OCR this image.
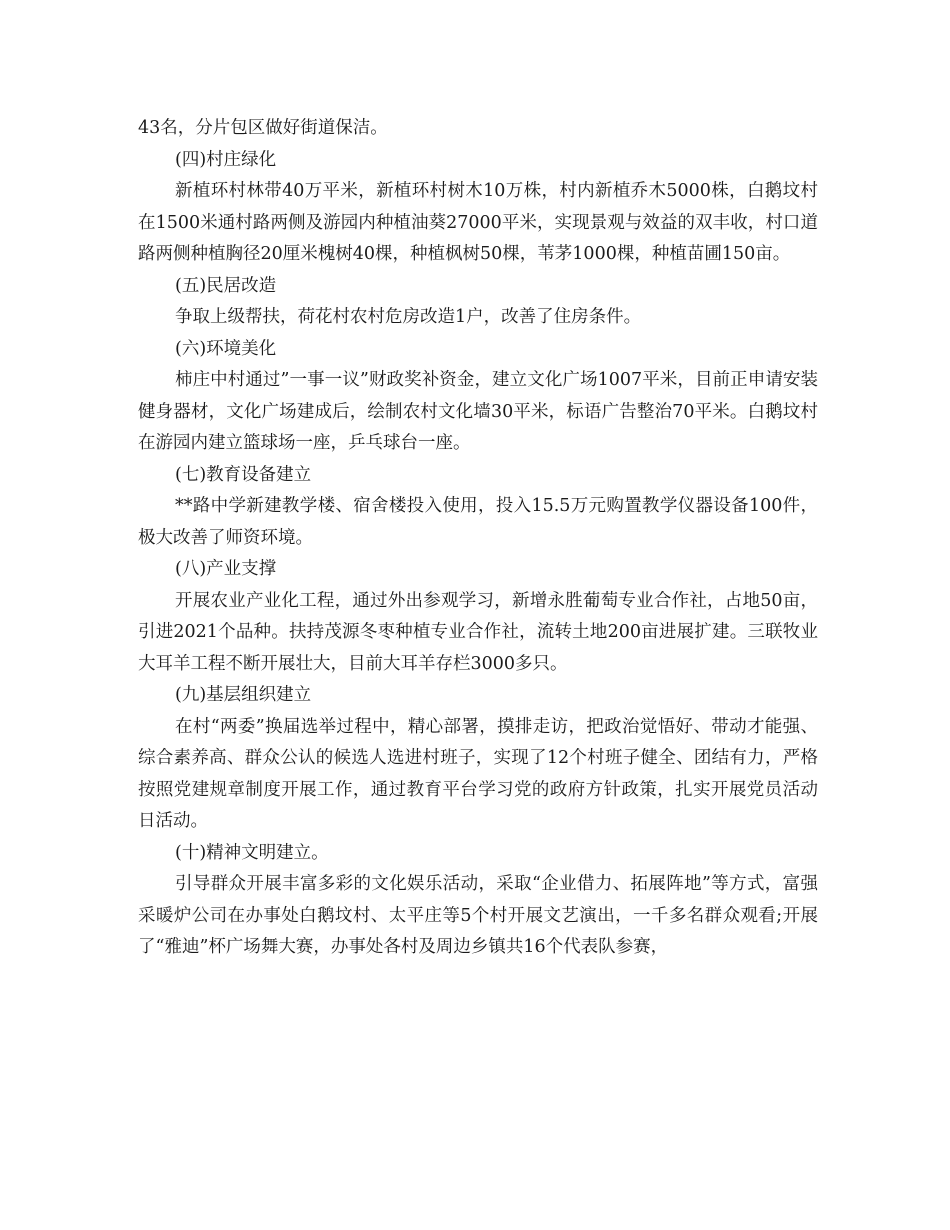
43名，分片包区做好街道保洁。

(四)村庄绿化

新植环村林带40万平米，新植环村树木10万株，村内新植乔木5000株，白鹅坟村在1500米通村路两侧及游园内种植油葵27000平米，实现景观与效益的双丰收，村口道路两侧种植胸径20厘米槐树40棵，种植枫树50棵，苇茅1000棵，种植苗圃150亩。

(五)民居改造

争取上级帮扶，荷花村农村危房改造1户，改善了住房条件。

(六)环境美化

柿庄中村通过”一事一议”财政奖补资金，建立文化广场1007平米，目前正申请安装健身器材，文化广场建成后，绘制农村文化墙30平米，标语广告整治70平米。白鹅坟村在游园内建立篮球场一座，乒乓球台一座。

(七)教育设备建立

**路中学新建教学楼、宿舍楼投入使用，投入15.5万元购置教学仪器设备100件，极大改善了师资环境。

(八)产业支撑

开展农业产业化工程，通过外出参观学习，新增永胜葡萄专业合作社，占地50亩，引进2021个品种。扶持茂源冬枣种植专业合作社，流转土地200亩进展扩建。三联牧业大耳羊工程不断开展壮大，目前大耳羊存栏3000多只。

(九)基层组织建立

在村“两委”换届选举过程中，精心部署，摸排走访，把政治觉悟好、带动才能强、综合素养高、群众公认的候选人选进村班子，实现了12个村班子健全、团结有力，严格按照党建规章制度开展工作，通过教育平台学习党的政府方针政策，扎实开展党员活动日活动。

(十)精神文明建立。

引导群众开展丰富多彩的文化娱乐活动，采取“企业借力、拓展阵地”等方式，富强采暖炉公司在办事处白鹅坟村、太平庄等5个村开展文艺演出，一千多名群众观看;开展了“雅迪”杯广场舞大赛，办事处各村及周边乡镇共16个代表队参赛，
